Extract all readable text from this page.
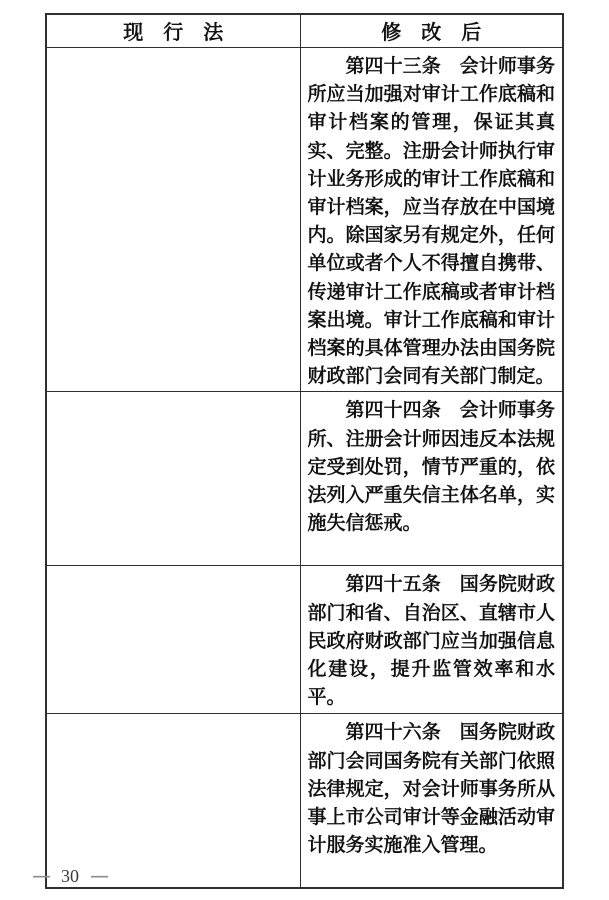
现　行　法	修　改　后
	第四十三条　会计师事务所应当加强对审计工作底稿和审计档案的管理，保证其真实、完整。注册会计师执行审计业务形成的审计工作底稿和审计档案，应当存放在中国境内。除国家另有规定外，任何单位或者个人不得擅自携带、传递审计工作底稿或者审计档案出境。审计工作底稿和审计档案的具体管理办法由国务院财政部门会同有关部门制定。
	第四十四条　会计师事务所、注册会计师因违反本法规定受到处罚，情节严重的，依法列入严重失信主体名单，实施失信惩戒。
	第四十五条　国务院财政部门和省、自治区、直辖市人民政府财政部门应当加强信息化建设，提升监管效率和水平。
	第四十六条　国务院财政部门会同国务院有关部门依照法律规定，对会计师事务所从事上市公司审计等金融活动审计服务实施准入管理。
— 30 —
